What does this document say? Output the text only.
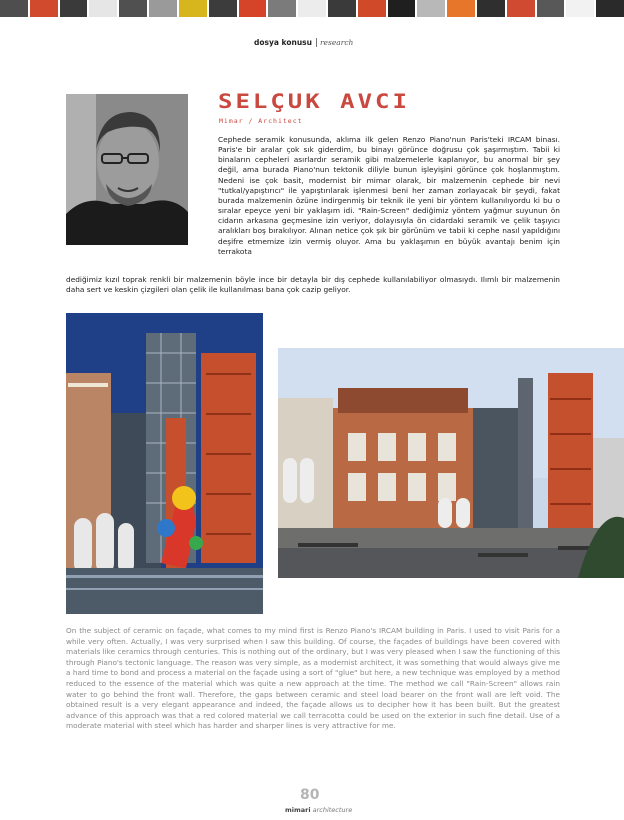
dosya konusu	research
SELÇUK AVCI
Mimar / Architect

Cephede seramik konusunda, aklıma ilk gelen Renzo Piano'nun Paris'teki IRCAM binası. Paris'e bir aralar çok sık giderdim, bu binayı görünce doğrusu çok şaşırmıştım. Tabii ki binaların cepheleri asırlardır seramik gibi malzemelerle kaplanıyor, bu anormal bir şey değil, ama burada Piano'nun tektonik diliyle bunun işleyişini görünce çok hoşlanmıştım. Nedeni ise çok basit, modernist bir mimar olarak, bir malzemenin cephede bir nevi "tutkal/yapıştırıcı" ile yapıştırılarak işlenmesi beni her zaman zorlayacak bir şeydi, fakat burada malzemenin özüne indirgenmiş bir teknik ile yeni bir yöntem kullanılıyordu ki bu o sıralar epeyce yeni bir yaklaşım idi. "Rain-Screen" dediğimiz yöntem yağmur suyunun ön cidarın arkasına geçmesine izin veriyor, dolayısıyla ön cidardaki seramik ve çelik taşıyıcı aralıkları boş bırakılıyor. Alınan netice çok şık bir görünüm ve tabii ki cephe nasıl yapıldığını deşifre etmemize izin vermiş oluyor. Ama bu yaklaşımın en büyük avantajı benim için terrakota

dediğimiz kızıl toprak renkli bir malzemenin böyle ince bir detayla bir dış cephede kullanılabiliyor olmasıydı. Ilımlı bir malzemenin daha sert ve keskin çizgileri olan çelik ile kullanılması bana çok cazip geliyor.

On the subject of ceramic on façade, what comes to my mind first is Renzo Piano's IRCAM building in Paris. I used to visit Paris for a while very often. Actually, I was very surprised when I saw this building. Of course, the façades of buildings have been covered with materials like ceramics through centuries. This is nothing out of the ordinary, but I was very pleased when I saw the functioning of this through Piano's tectonic language. The reason was very simple, as a modernist architect, it was something that would always give me a hard time to bond and process a material on the façade using a sort of "glue" but here, a new technique was employed by a method reduced to the essence of the material which was quite a new approach at the time. The method we call "Rain-Screen" allows rain water to go behind the front wall. Therefore, the gaps between ceramic and steel load bearer on the front wall are left void. The obtained result is a very elegant appearance and indeed, the façade allows us to decipher how it has been built. But the greatest advance of this approach was that a red colored material we call terracotta could be used on the exterior in such fine detail. Use of a moderate material with steel which has harder and sharper lines is very attractive for me.

80
mimari architecture
